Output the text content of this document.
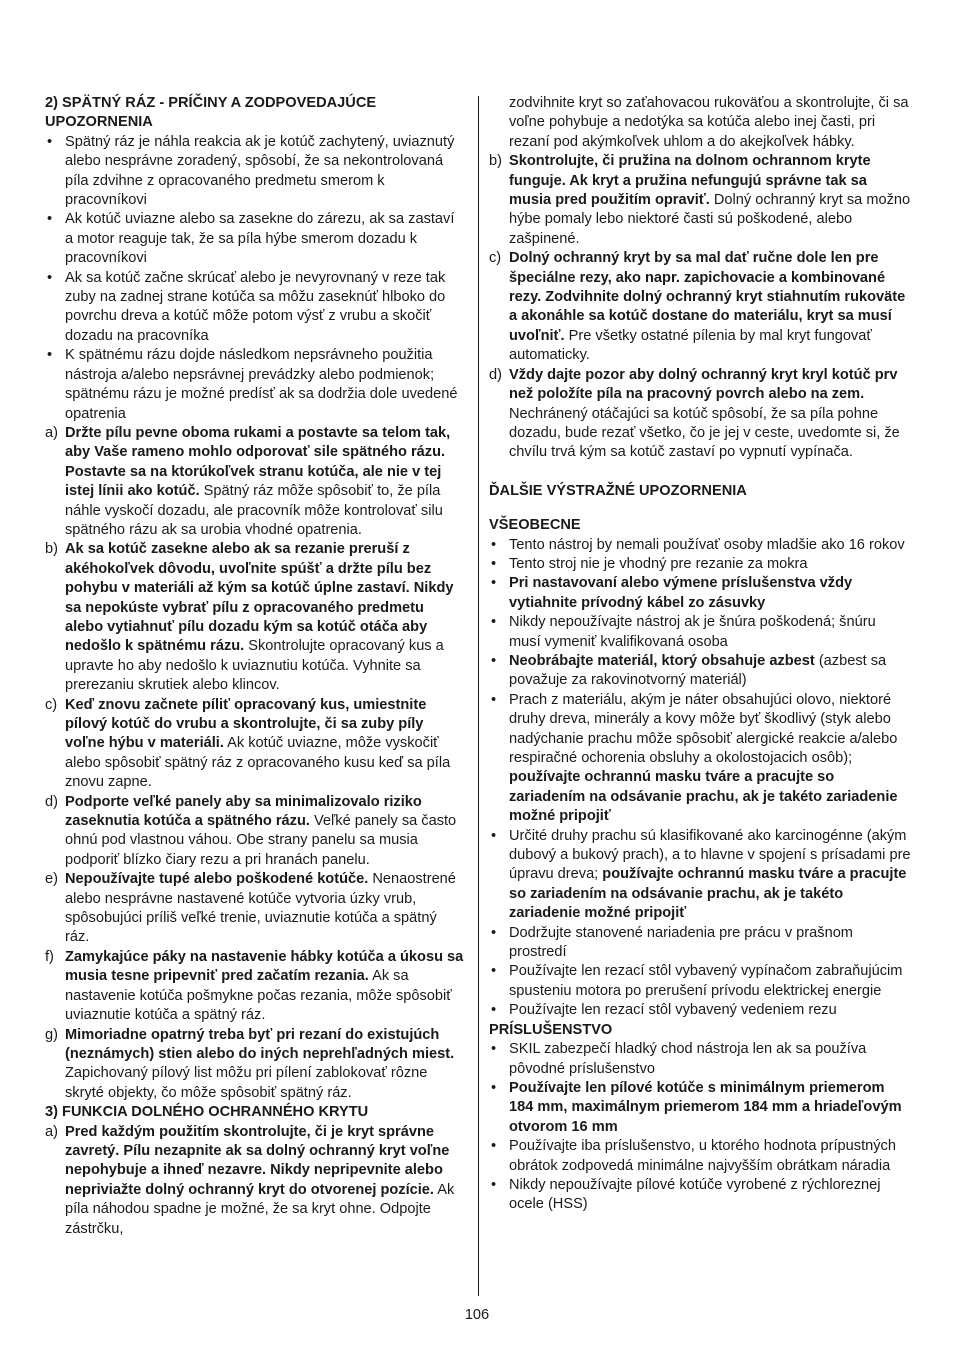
2) SPÄTNÝ RÁZ - PRÍČINY A ZODPOVEDAJÚCE UPOZORNENIA

• Spätný ráz je náhla reakcia ak je kotúč zachytený, uviaznutý alebo nesprávne zoradený, spôsobí, že sa nekontrolovaná píla zdvihne z opracovaného predmetu smerom k pracovníkovi

• Ak kotúč uviazne alebo sa zasekne do zárezu, ak sa zastaví a motor reaguje tak, že sa píla hýbe smerom dozadu k pracovníkovi

• Ak sa kotúč začne skrúcať alebo je nevyrovnaný v reze tak zuby na zadnej strane kotúča sa môžu zaseknúť hlboko do povrchu dreva a kotúč môže potom výsť z vrubu a skočiť dozadu na pracovníka

• K spätnému rázu dojde následkom nepsrávneho použitia nástroja a/alebo nepsrávnej prevádzky alebo podmienok; spätnému rázu je možné predísť ak sa dodržia dole uvedené opatrenia

a) Držte pílu pevne oboma rukami a postavte sa telom tak, aby Vaše rameno mohlo odporovať sile spätného rázu. Postavte sa na ktorúkoľvek stranu kotúča, ale nie v tej istej línii ako kotúč. Spätný ráz môže spôsobiť to, že píla náhle vyskočí dozadu, ale pracovník môže kontrolovať silu spätného rázu ak sa urobia vhodné opatrenia.

b) Ak sa kotúč zasekne alebo ak sa rezanie preruší z akéhokoľvek dôvodu, uvoľnite spúšť a držte pílu bez pohybu v materiáli až kým sa kotúč úplne zastaví. Nikdy sa nepokúste vybrať pílu z opracovaného predmetu alebo vytiahnuť pílu dozadu kým sa kotúč otáča aby nedošlo k spätnému rázu. Skontrolujte opracovaný kus a upravte ho aby nedošlo k uviaznutiu kotúča. Vyhnite sa prerezaniu skrutiek alebo klincov.

c) Keď znovu začnete píliť opracovaný kus, umiestnite pílový kotúč do vrubu a skontrolujte, či sa zuby píly voľne hýbu v materiáli. Ak kotúč uviazne, môže vyskočiť alebo spôsobiť spätný ráz z opracovaného kusu keď sa píla znovu zapne.

d) Podporte veľké panely aby sa minimalizovalo riziko zaseknutia kotúča a spätného rázu. Veľké panely sa často ohnú pod vlastnou váhou. Obe strany panelu sa musia podporiť blízko čiary rezu a pri hranách panelu.

e) Nepoužívajte tupé alebo poškodené kotúče. Nenaostrené alebo nesprávne nastavené kotúče vytvoria úzky vrub, spôsobujúci príliš veľké trenie, uviaznutie kotúča a spätný ráz.

f) Zamykajúce páky na nastavenie hábky kotúča a úkosu sa musia tesne pripevniť pred začatím rezania. Ak sa nastavenie kotúča pošmykne počas rezania, môže spôsobiť uviaznutie kotúča a spätný ráz.

g) Mimoriadne opatrný treba byť pri rezaní do existujúch (neznámych) stien alebo do iných neprehľadných miest. Zapichovaný pílový list môžu pri pílení zablokovať rôzne skryté objekty, čo môže spôsobiť spätný ráz.

3) FUNKCIA DOLNÉHO OCHRANNÉHO KRYTU

a) Pred každým použitím skontrolujte, či je kryt správne zavretý. Pílu nezapnite ak sa dolný ochranný kryt voľne nepohybuje a ihneď nezavre. Nikdy nepripevnite alebo nepriviažte dolný ochranný kryt do otvorenej pozície. Ak píla náhodou spadne je možné, že sa kryt ohne. Odpojte zástrčku,

zodvihnite kryt so zaťahovacou rukoväťou a skontrolujte, či sa voľne pohybuje a nedotýka sa kotúča alebo inej časti, pri rezaní pod akýmkoľvek uhlom a do akejkoľvek hábky.

b) Skontrolujte, či pružina na dolnom ochrannom kryte funguje. Ak kryt a pružina nefungujú správne tak sa musia pred použitím opraviť. Dolný ochranný kryt sa možno hýbe pomaly lebo niektoré časti sú poškodené, alebo zašpinené.

c) Dolný ochranný kryt by sa mal dať ručne dole len pre špeciálne rezy, ako napr. zapichovacie a kombinované rezy. Zodvihnite dolný ochranný kryt stiahnutím rukoväte a akonáhle sa kotúč dostane do materiálu, kryt sa musí uvoľniť. Pre všetky ostatné pílenia by mal kryt fungovať automaticky.

d) Vždy dajte pozor aby dolný ochranný kryt kryl kotúč prv než položíte píla na pracovný povrch alebo na zem. Nechránený otáčajúci sa kotúč spôsobí, že sa píla pohne dozadu, bude rezať všetko, čo je jej v ceste, uvedomte si, že chvílu trvá kým sa kotúč zastaví po vypnutí vypínača.

ĎALŠIE VÝSTRAŽNÉ UPOZORNENIA

VŠEOBECNE

• Tento nástroj by nemali používať osoby mladšie ako 16 rokov

• Tento stroj nie je vhodný pre rezanie za mokra

• Pri nastavovaní alebo výmene príslušenstva vždy vytiahnite prívodný kábel zo zásuvky

• Nikdy nepoužívajte nástroj ak je šnúra poškodená; šnúru musí vymeniť kvalifikovaná osoba

• Neobrábajte materiál, ktorý obsahuje azbest (azbest sa považuje za rakovinotvorný materiál)

• Prach z materiálu, akým je náter obsahujúci olovo, niektoré druhy dreva, minerály a kovy môže byť škodlivý (styk alebo nadýchanie prachu môže spôsobiť alergické reakcie a/alebo respiračné ochorenia obsluhy a okolostojacich osôb); používajte ochrannú masku tváre a pracujte so zariadením na odsávanie prachu, ak je takéto zariadenie možné pripojiť

• Určité druhy prachu sú klasifikované ako karcinogénne (akým dubový a bukový prach), a to hlavne v spojení s prísadami pre úpravu dreva; používajte ochrannú masku tváre a pracujte so zariadením na odsávanie prachu, ak je takéto zariadenie možné pripojiť

• Dodržujte stanovené nariadenia pre prácu v prašnom prostredí

• Používajte len rezací stôl vybavený vypínačom zabraňujúcim spusteniu motora po prerušení prívodu elektrickej energie

• Používajte len rezací stôl vybavený vedeniem rezu

PRÍSLUŠENSTVO

• SKIL zabezpečí hladký chod nástroja len ak sa používa pôvodné príslušenstvo

• Používajte len pílové kotúče s minimálnym priemerom 184 mm, maximálnym priemerom 184 mm a hriadeľovým otvorom 16 mm

• Používajte iba príslušenstvo, u ktorého hodnota prípustných obrátok zodpovedá minimálne najvyšším obrátkam náradia

• Nikdy nepoužívajte pílové kotúče vyrobené z rýchloreznej ocele (HSS)

106
